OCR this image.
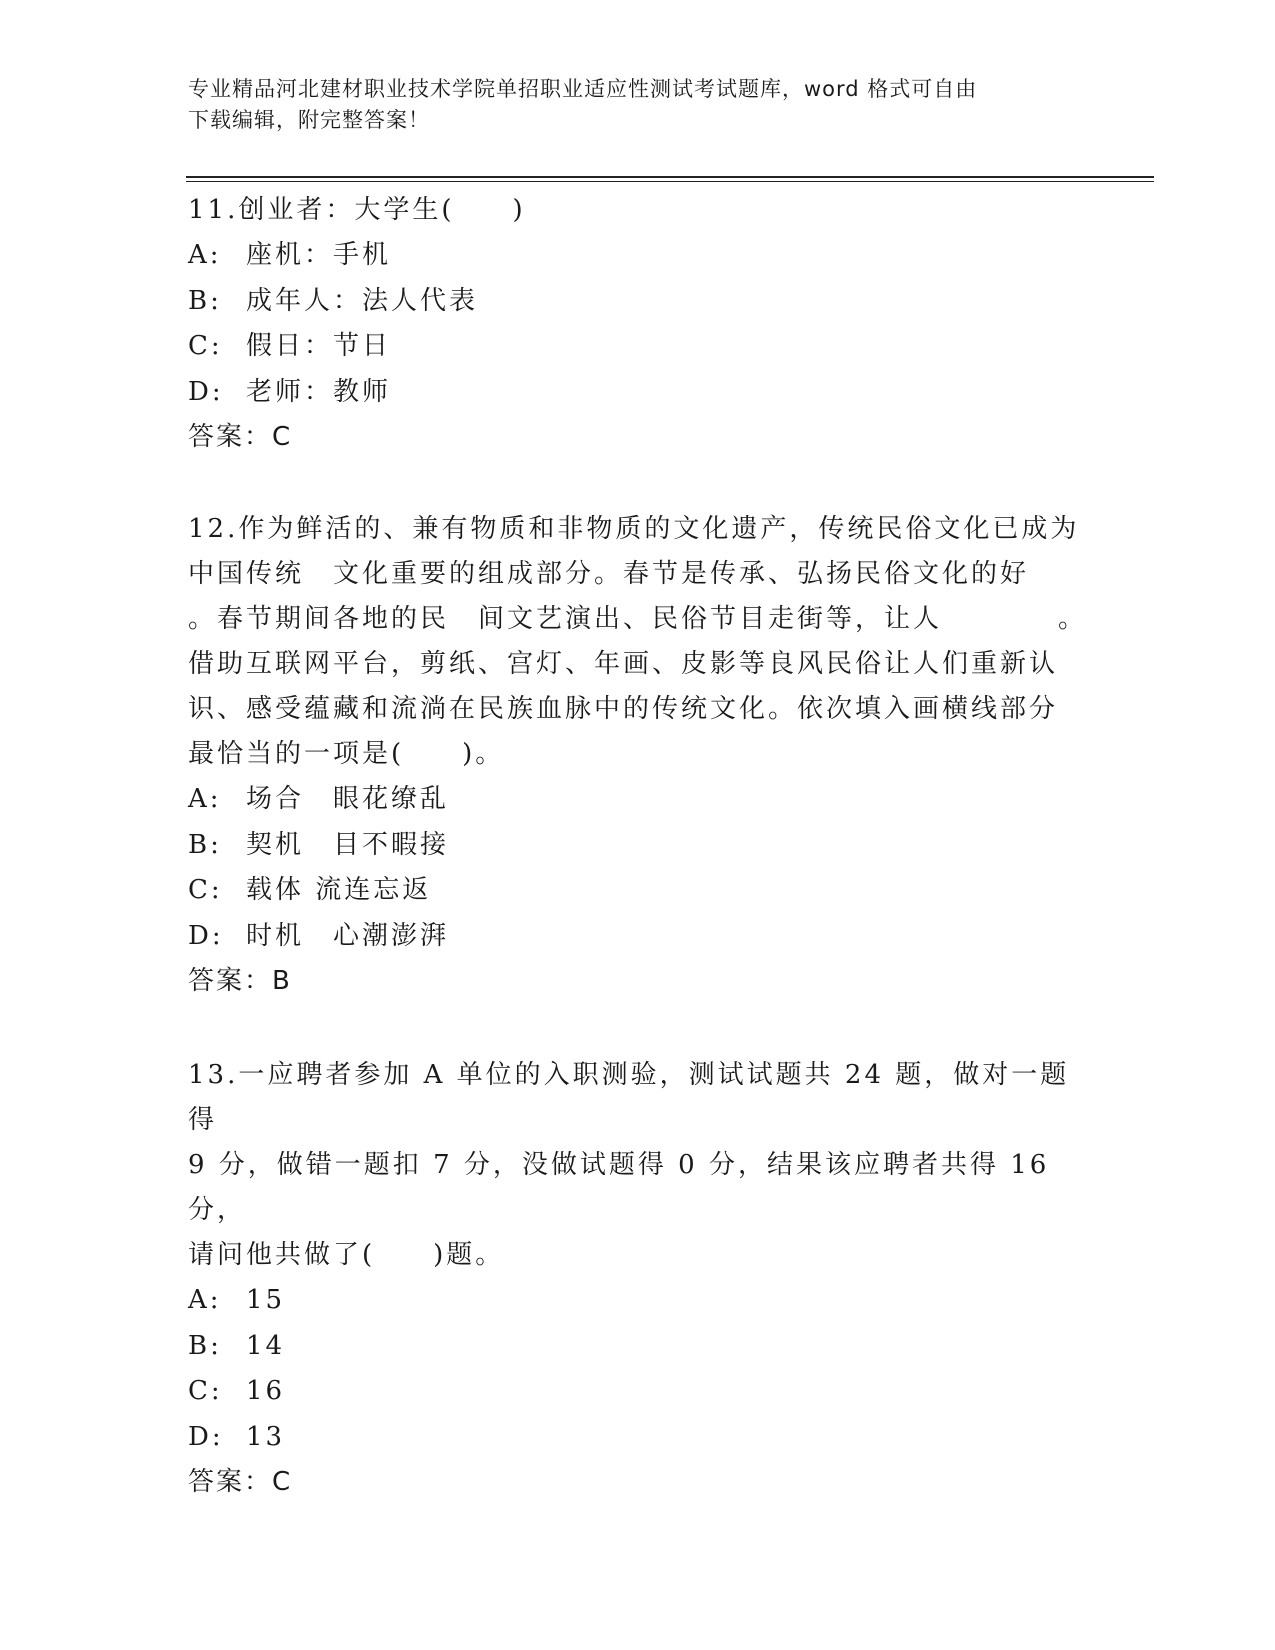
专业精品河北建材职业技术学院单招职业适应性测试考试题库，word 格式可自由
下载编辑，附完整答案！
11.创业者：大学生(　　)
A: 座机：手机
B: 成年人：法人代表
C: 假日：节日
D: 老师：教师
答案：C
12.作为鲜活的、兼有物质和非物质的文化遗产，传统民俗文化已成为
中国传统　文化重要的组成部分。春节是传承、弘扬民俗文化的好
。春节期间各地的民　间文艺演出、民俗节目走街等，让人　　　　。
借助互联网平台，剪纸、宫灯、年画、皮影等良风民俗让人们重新认
识、感受蕴藏和流淌在民族血脉中的传统文化。依次填入画横线部分
最恰当的一项是(　　)。
A: 场合　眼花缭乱
B: 契机　目不暇接
C: 载体 流连忘返
D: 时机　心潮澎湃
答案：B
13.一应聘者参加 A 单位的入职测验，测试试题共 24 题，做对一题得
9 分，做错一题扣 7 分，没做试题得 0 分，结果该应聘者共得 16 分，
请问他共做了(　　)题。
A: 15
B: 14
C: 16
D: 13
答案：C
